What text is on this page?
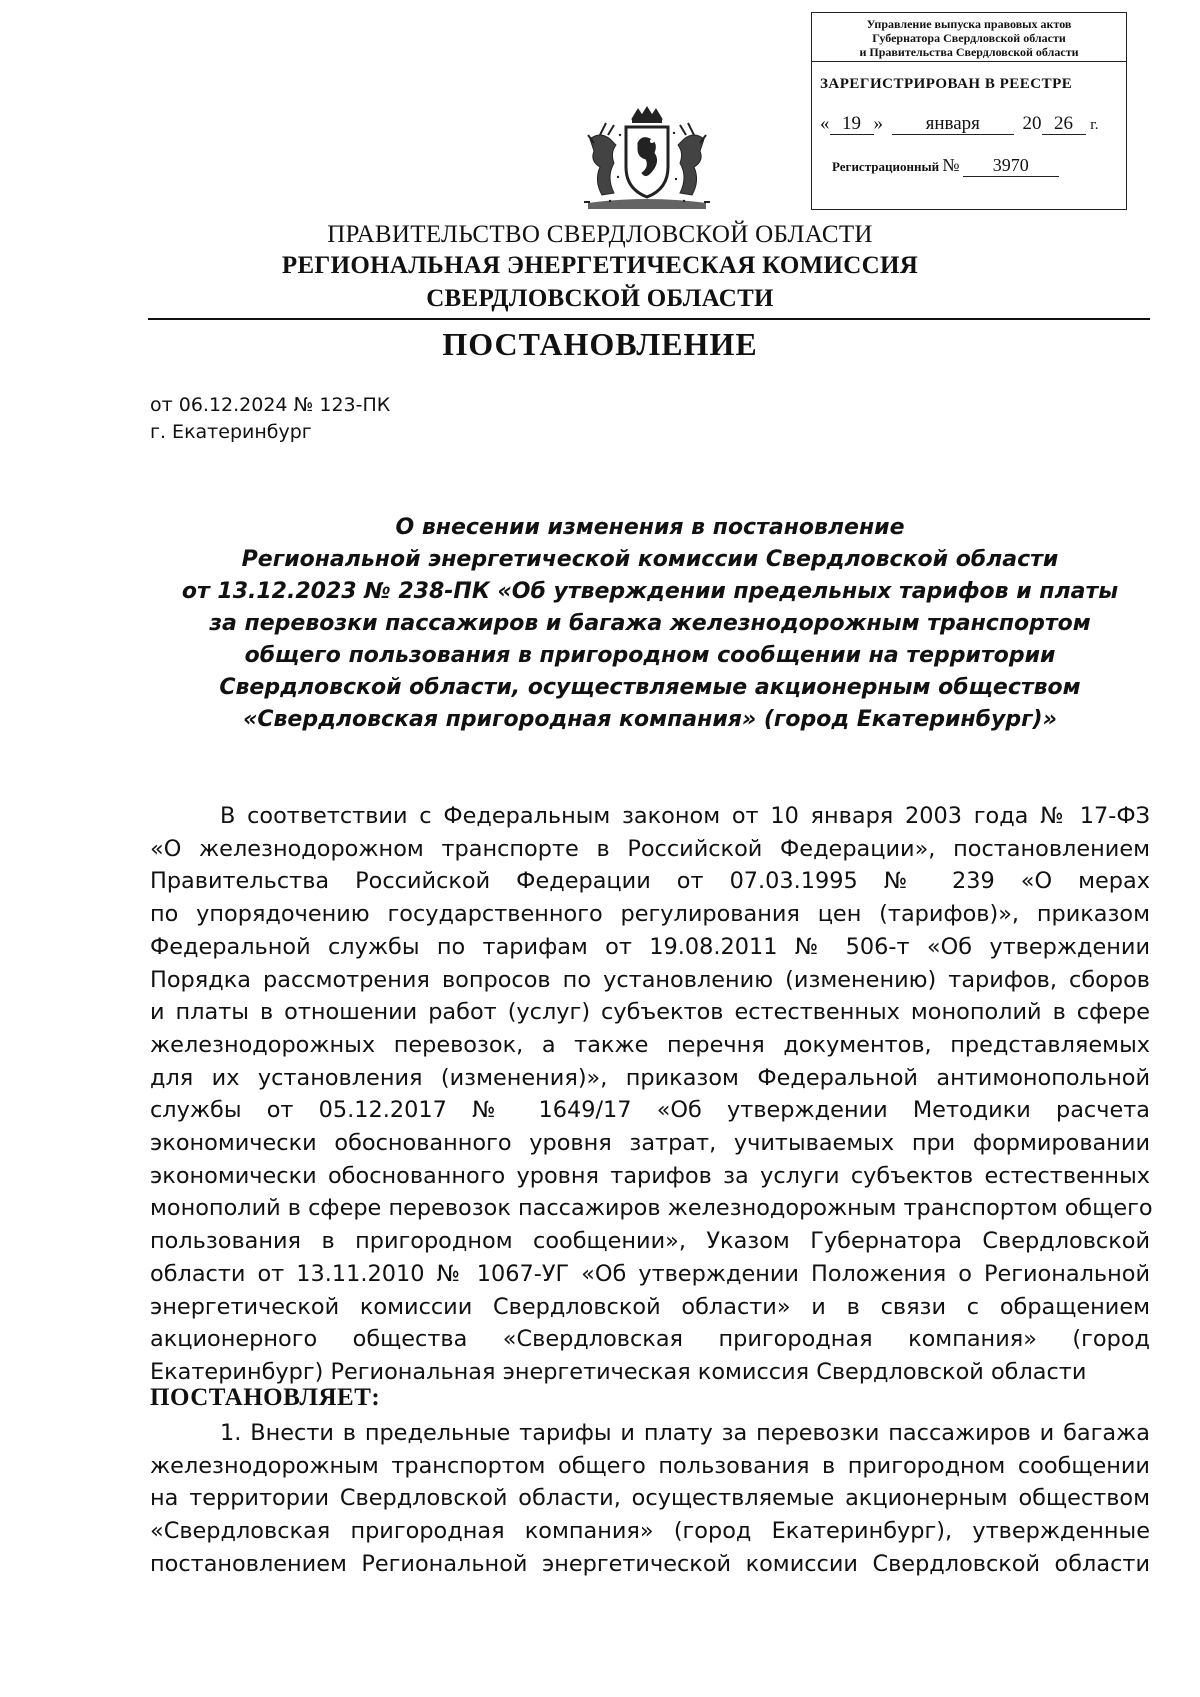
Управление выпуска правовых актов
Губернатора Свердловской области
и Правительства Свердловской области
ЗАРЕГИСТРИРОВАН В РЕЕСТРЕ
« 19 » января 20 26 г.
Регистрационный № 3970
ПРАВИТЕЛЬСТВО СВЕРДЛОВСКОЙ ОБЛАСТИ
РЕГИОНАЛЬНАЯ ЭНЕРГЕТИЧЕСКАЯ КОМИССИЯ
СВЕРДЛОВСКОЙ ОБЛАСТИ
ПОСТАНОВЛЕНИЕ
от 06.12.2024 № 123-ПК
г. Екатеринбург
О внесении изменения в постановление
Региональной энергетической комиссии Свердловской области
от 13.12.2023 № 238-ПК «Об утверждении предельных тарифов и платы
за перевозки пассажиров и багажа железнодорожным транспортом
общего пользования в пригородном сообщении на территории
Свердловской области, осуществляемые акционерным обществом
«Свердловская пригородная компания» (город Екатеринбург)»
В соответствии с Федеральным законом от 10 января 2003 года № 17-ФЗ
«О железнодорожном транспорте в Российской Федерации», постановлением
Правительства Российской Федерации от 07.03.1995 № 239 «О мерах
по упорядочению государственного регулирования цен (тарифов)», приказом
Федеральной службы по тарифам от 19.08.2011 № 506-т «Об утверждении
Порядка рассмотрения вопросов по установлению (изменению) тарифов, сборов
и платы в отношении работ (услуг) субъектов естественных монополий в сфере
железнодорожных перевозок, а также перечня документов, представляемых
для их установления (изменения)», приказом Федеральной антимонопольной
службы от 05.12.2017 № 1649/17 «Об утверждении Методики расчета
экономически обоснованного уровня затрат, учитываемых при формировании
экономически обоснованного уровня тарифов за услуги субъектов естественных
монополий в сфере перевозок пассажиров железнодорожным транспортом общего
пользования в пригородном сообщении», Указом Губернатора Свердловской
области от 13.11.2010 № 1067-УГ «Об утверждении Положения о Региональной
энергетической комиссии Свердловской области» и в связи с обращением
акционерного общества «Свердловская пригородная компания» (город
Екатеринбург) Региональная энергетическая комиссия Свердловской области
ПОСТАНОВЛЯЕТ:
1. Внести в предельные тарифы и плату за перевозки пассажиров и багажа
железнодорожным транспортом общего пользования в пригородном сообщении
на территории Свердловской области, осуществляемые акционерным обществом
«Свердловская пригородная компания» (город Екатеринбург), утвержденные
постановлением Региональной энергетической комиссии Свердловской области
